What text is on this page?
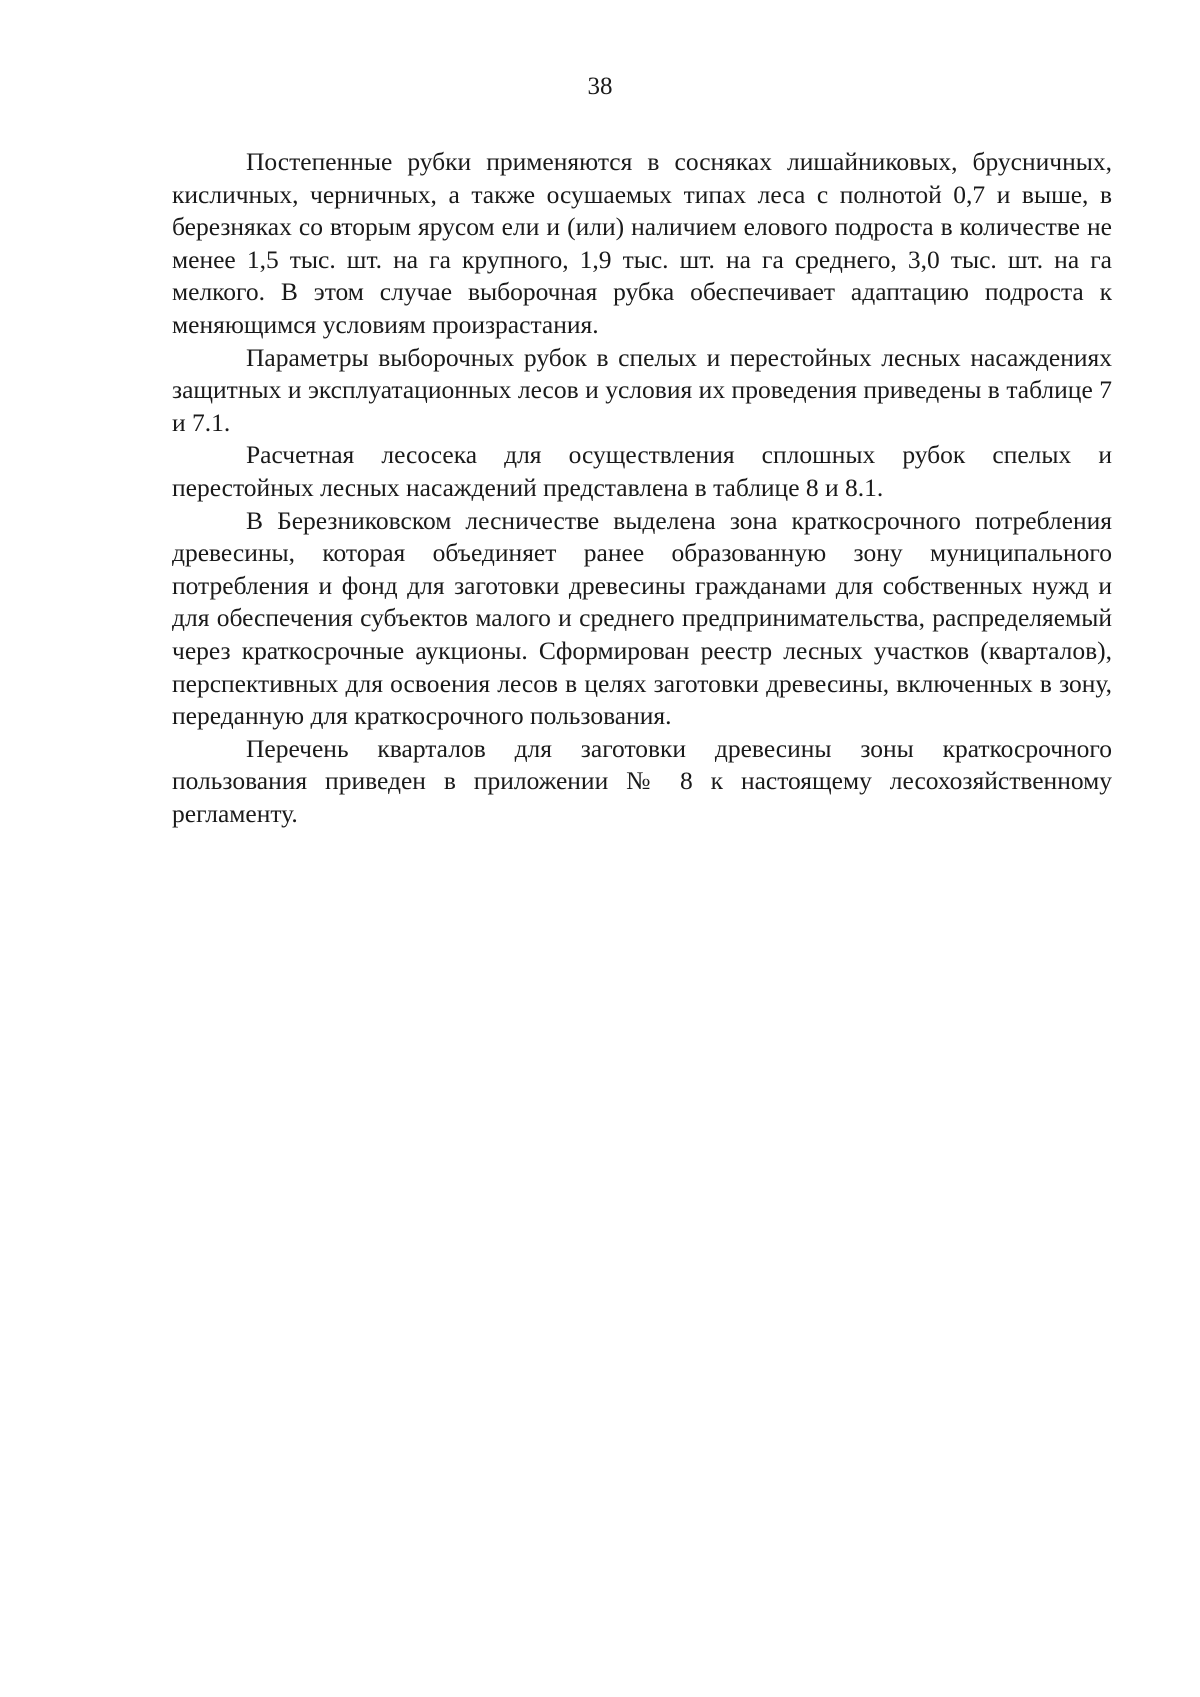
38

Постепенные рубки применяются в сосняках лишайниковых, брусничных, кисличных, черничных, а также осушаемых типах леса с полнотой 0,7 и выше, в березняках со вторым ярусом ели и (или) наличием елового подроста в количестве не менее 1,5 тыс. шт. на га крупного, 1,9 тыс. шт. на га среднего, 3,0 тыс. шт. на га мелкого. В этом случае выборочная рубка обеспечивает адаптацию подроста к меняющимся условиям произрастания.

Параметры выборочных рубок в спелых и перестойных лесных насаждениях защитных и эксплуатационных лесов и условия их проведения приведены в таблице 7 и 7.1.

Расчетная лесосека для осуществления сплошных рубок спелых и перестойных лесных насаждений представлена в таблице 8 и 8.1.

В Березниковском лесничестве выделена зона краткосрочного потребления древесины, которая объединяет ранее образованную зону муниципального потребления и фонд для заготовки древесины гражданами для собственных нужд и для обеспечения субъектов малого и среднего предпринимательства, распределяемый через краткосрочные аукционы. Сформирован реестр лесных участков (кварталов), перспективных для освоения лесов в целях заготовки древесины, включенных в зону, переданную для краткосрочного пользования.

Перечень кварталов для заготовки древесины зоны краткосрочного пользования приведен в приложении № 8 к настоящему лесохозяйственному регламенту.
